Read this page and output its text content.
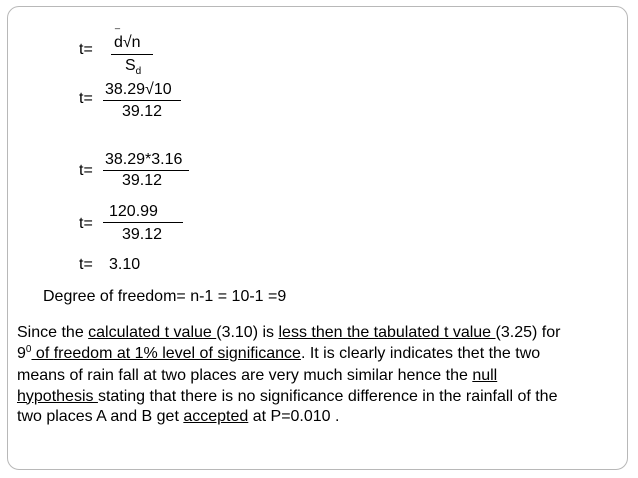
t=
_
d√n
$S_d$
t=
38.29√10
39.12
t=
38.29*3.16
39.12
t=
120.99
39.12
t= 3.10
Degree of freedom= n-1 = 10-1 =9
Since the calculated t value (3.10) is less then the tabulated t value (3.25) for
$9^0$ of freedom at 1% level of significance. It is clearly indicates thet the two
means of rain fall at two places are very much similar hence the null
hypothesis stating that there is no significance difference in the rainfall of the
two places A and B get accepted at P=0.010 .
